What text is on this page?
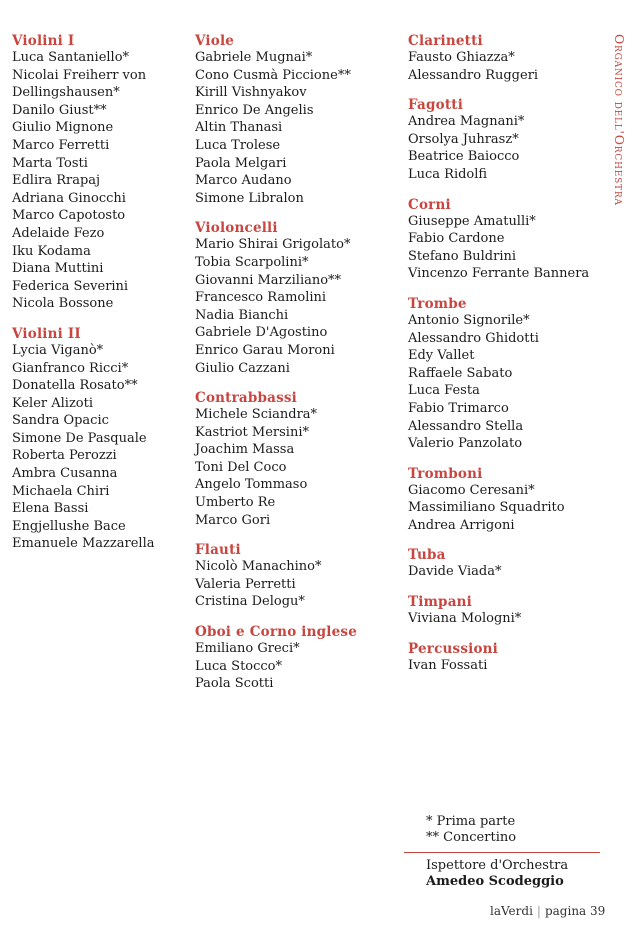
Violini I
Luca Santaniello*
Nicolai Freiherr von
Dellingshausen*
Danilo Giust**
Giulio Mignone
Marco Ferretti
Marta Tosti
Edlira Rrapaj
Adriana Ginocchi
Marco Capotosto
Adelaide Fezo
Iku Kodama
Diana Muttini
Federica Severini
Nicola Bossone
Violini II
Lycia Viganò*
Gianfranco Ricci*
Donatella Rosato**
Keler Alizoti
Sandra Opacic
Simone De Pasquale
Roberta Perozzi
Ambra Cusanna
Michaela Chiri
Elena Bassi
Engjellushe Bace
Emanuele Mazzarella
Viole
Gabriele Mugnai*
Cono Cusmà Piccione**
Kirill Vishnyakov
Enrico De Angelis
Altin Thanasi
Luca Trolese
Paola Melgari
Marco Audano
Simone Libralon
Violoncelli
Mario Shirai Grigolato*
Tobia Scarpolini*
Giovanni Marziliano**
Francesco Ramolini
Nadia Bianchi
Gabriele D'Agostino
Enrico Garau Moroni
Giulio Cazzani
Contrabbassi
Michele Sciandra*
Kastriot Mersini*
Joachim Massa
Toni Del Coco
Angelo Tommaso
Umberto Re
Marco Gori
Flauti
Nicolò Manachino*
Valeria Perretti
Cristina Delogu*
Oboi e Corno inglese
Emiliano Greci*
Luca Stocco*
Paola Scotti
Clarinetti
Fausto Ghiazza*
Alessandro Ruggeri
Fagotti
Andrea Magnani*
Orsolya Juhrasz*
Beatrice Baiocco
Luca Ridolfi
Corni
Giuseppe Amatulli*
Fabio Cardone
Stefano Buldrini
Vincenzo Ferrante Bannera
Trombe
Antonio Signorile*
Alessandro Ghidotti
Edy Vallet
Raffaele Sabato
Luca Festa
Fabio Trimarco
Alessandro Stella
Valerio Panzolato
Tromboni
Giacomo Ceresani*
Massimiliano Squadrito
Andrea Arrigoni
Tuba
Davide Viada*
Timpani
Viviana Mologni*
Percussioni
Ivan Fossati
Organico dell'Orchestra
* Prima parte
** Concertino
Ispettore d'Orchestra
Amedeo Scodeggio
laVerdi | pagina 39
